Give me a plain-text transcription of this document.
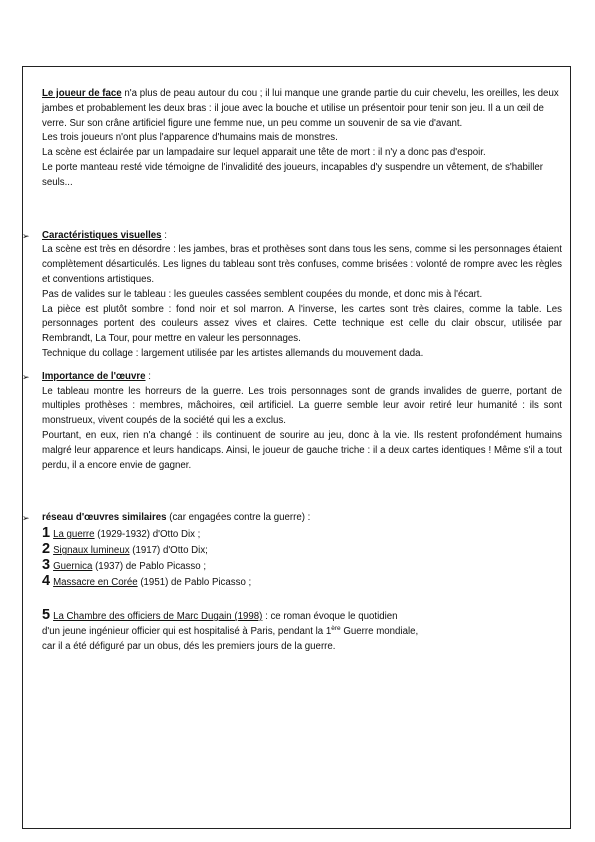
Le joueur de face n'a plus de peau autour du cou ; il lui manque une grande partie du cuir chevelu, les oreilles, les deux jambes et probablement les deux bras : il joue avec la bouche et utilise un présentoir pour tenir son jeu. Il a un œil de verre. Sur son crâne artificiel figure une femme nue, un peu comme un souvenir de sa vie d'avant.

Les trois joueurs n'ont plus l'apparence d'humains mais de monstres.

La scène est éclairée par un lampadaire sur lequel apparait une tête de mort : il n'y a donc pas d'espoir.

Le porte manteau resté vide témoigne de l'invalidité des joueurs, incapables d'y suspendre un vêtement, de s'habiller seuls...

➢ Caractéristiques visuelles :

La scène est très en désordre : les jambes, bras et prothèses sont dans tous les sens, comme si les personnages étaient complètement désarticulés. Les lignes du tableau sont très confuses, comme brisées : volonté de rompre avec les règles et conventions artistiques.

Pas de valides sur le tableau : les gueules cassées semblent coupées du monde, et donc mis à l'écart.

La pièce est plutôt sombre : fond noir et sol marron. A l'inverse, les cartes sont très claires, comme la table. Les personnages portent des couleurs assez vives et claires. Cette technique est celle du clair obscur, utilisée par Rembrandt, La Tour, pour mettre en valeur les personnages.

Technique du collage : largement utilisée par les artistes allemands du mouvement dada.

➢ Importance de l'œuvre :

Le tableau montre les horreurs de la guerre. Les trois personnages sont de grands invalides de guerre, portant de multiples prothèses : membres, mâchoires, œil artificiel. La guerre semble leur avoir retiré leur humanité : ils sont monstrueux, vivent coupés de la société qui les a exclus.

Pourtant, en eux, rien n'a changé : ils continuent de sourire au jeu, donc à la vie. Ils restent profondément humains malgré leur apparence et leurs handicaps. Ainsi, le joueur de gauche triche : il a deux cartes identiques ! Même s'il a tout perdu, il a encore envie de gagner.

➢ réseau d'œuvres similaires (car engagées contre la guerre) :

1 La guerre (1929-1932) d'Otto Dix ;

2 Signaux lumineux (1917) d'Otto Dix;

3 Guernica (1937) de Pablo Picasso ;

4 Massacre en Corée (1951) de Pablo Picasso ;

5 La Chambre des officiers de Marc Dugain (1998) : ce roman évoque le quotidien

d'un jeune ingénieur officier qui est hospitalisé à Paris, pendant la 1ère Guerre mondiale,

car il a été défiguré par un obus, dés les premiers jours de la guerre.
